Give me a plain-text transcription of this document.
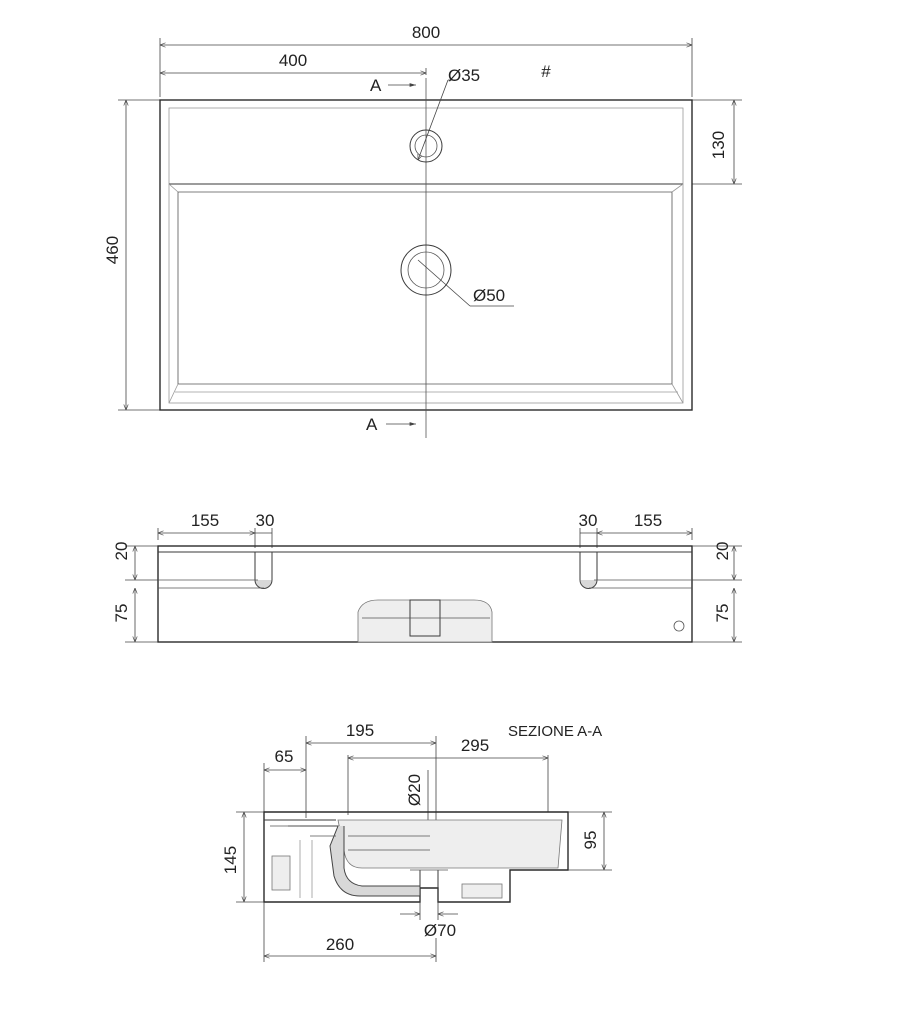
800
400
#
460
130
Ø35
Ø50
A
A
155 30	30 155
20
75
20
75
SEZIONE A-A
195
295
65
Ø20
145
95
Ø70
260
